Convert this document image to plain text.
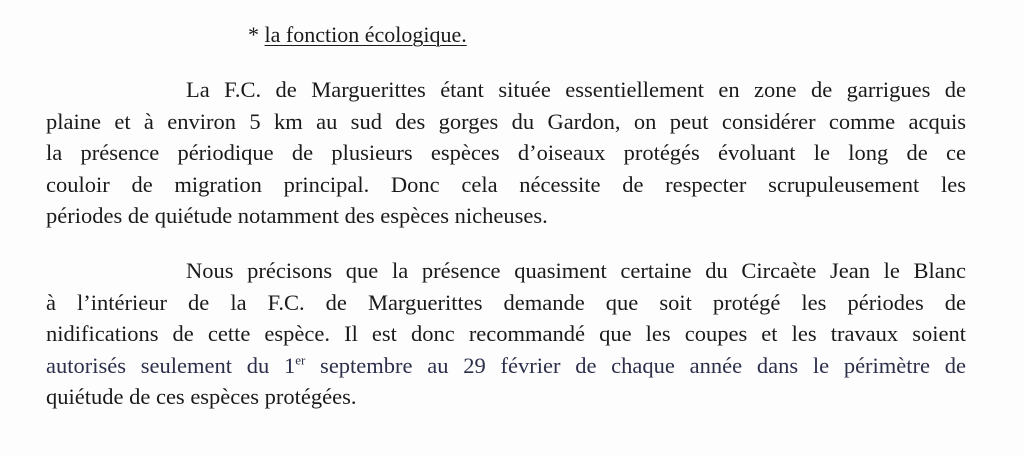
* la fonction écologique.
La F.C. de Marguerittes étant située essentiellement en zone de garrigues de
plaine et à environ 5 km au sud des gorges du Gardon, on peut considérer comme acquis
la présence périodique de plusieurs espèces d’oiseaux protégés évoluant le long de ce
couloir de migration principal. Donc cela nécessite de respecter scrupuleusement les
périodes de quiétude notamment des espèces nicheuses.
Nous précisons que la présence quasiment certaine du Circaète Jean le Blanc
à l’intérieur de la F.C. de Marguerittes demande que soit protégé les périodes de
nidifications de cette espèce. Il est donc recommandé que les coupes et les travaux soient
autorisés seulement du 1er septembre au 29 février de chaque année dans le périmètre de
quiétude de ces espèces protégées.
